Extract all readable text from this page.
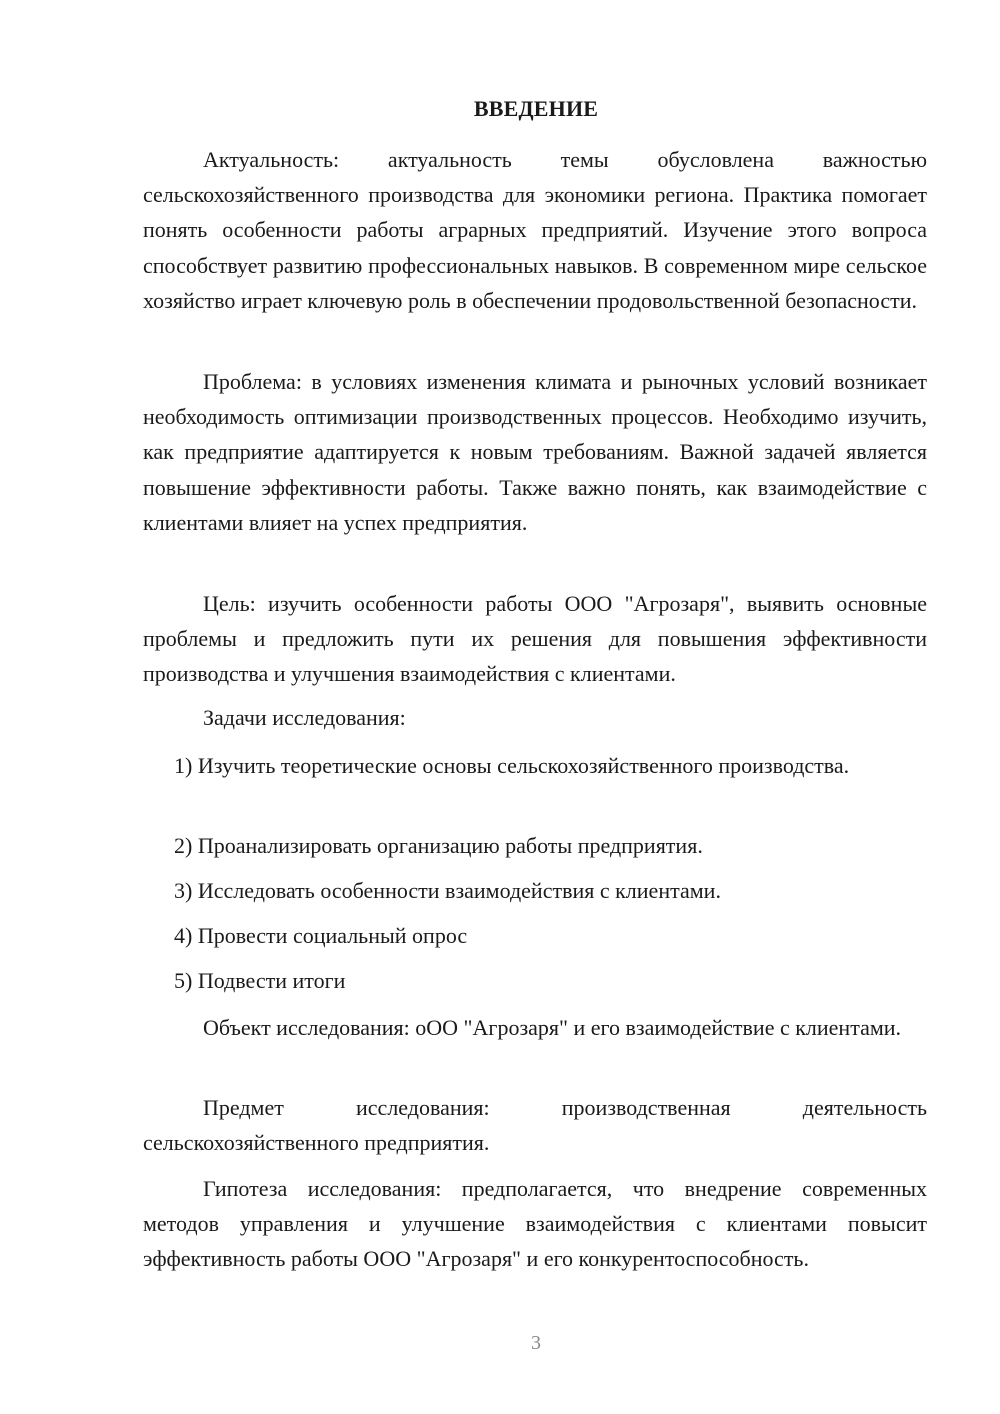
ВВЕДЕНИЕ

Актуальность: актуальность темы обусловлена важностью сельскохозяйственного производства для экономики региона. Практика помогает понять особенности работы аграрных предприятий. Изучение этого вопроса способствует развитию профессиональных навыков. В современном мире сельское хозяйство играет ключевую роль в обеспечении продовольственной безопасности.

Проблема: в условиях изменения климата и рыночных условий возникает необходимость оптимизации производственных процессов. Необходимо изучить, как предприятие адаптируется к новым требованиям. Важной задачей является повышение эффективности работы. Также важно понять, как взаимодействие с клиентами влияет на успех предприятия.

Цель: изучить особенности работы ООО "Агрозаря", выявить основные проблемы и предложить пути их решения для повышения эффективности производства и улучшения взаимодействия с клиентами.

Задачи исследования:

1) Изучить теоретические основы сельскохозяйственного производства.

2) Проанализировать организацию работы предприятия.

3) Исследовать особенности взаимодействия с клиентами.

4) Провести социальный опрос

5) Подвести итоги

Объект исследования: оОО "Агрозаря" и его взаимодействие с клиентами.

Предмет исследования: производственная деятельность сельскохозяйственного предприятия.

Гипотеза исследования: предполагается, что внедрение современных методов управления и улучшение взаимодействия с клиентами повысит эффективность работы ООО "Агрозаря" и его конкурентоспособность.

3
